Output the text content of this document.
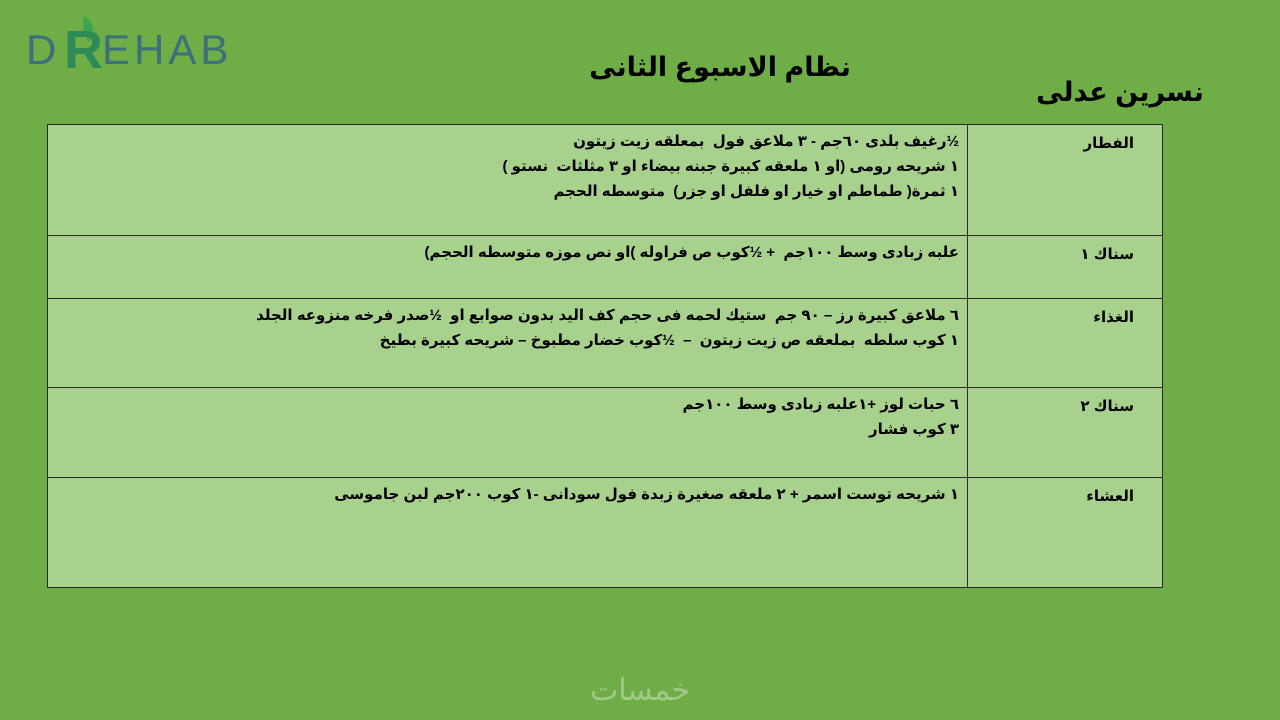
D R EHAB	نظام الاسبوع الثانى
نسرين عدلى
الفطار	½رغيف بلدى ٦٠جم - ٣ ملاعق فول  بمعلقه زيت زيتون
١ شريحه رومى (او ١ ملعقه كبيرة جبنه بيضاء او ٣ مثلثات  نستو )
١ ثمرة( طماطم او خيار او فلفل او جزر)  متوسطه الحجم

سناك ١	علبه زبادى وسط ١٠٠جم  + ½كوب ص فراوله )او نص موزه متوسطه الحجم)

الغذاء	٦ ملاعق كبيرة رز – ٩٠ جم  ستيك لحمه فى حجم كف اليد بدون صوابع او  ½صدر فرخه منزوعه الجلد
١ كوب سلطه  بملعقه ص زيت زيتون  –  ½كوب خضار مطبوخ – شريحه كبيرة بطيخ

سناك ٢	٦ حبات لوز +١علبه زبادى وسط ١٠٠جم
٣ كوب فشار

العشاء	١ شريحه توست اسمر + ٢ ملعقه صغيرة زبدة فول سودانى -١ كوب ٢٠٠جم لبن جاموسى
خمسات
